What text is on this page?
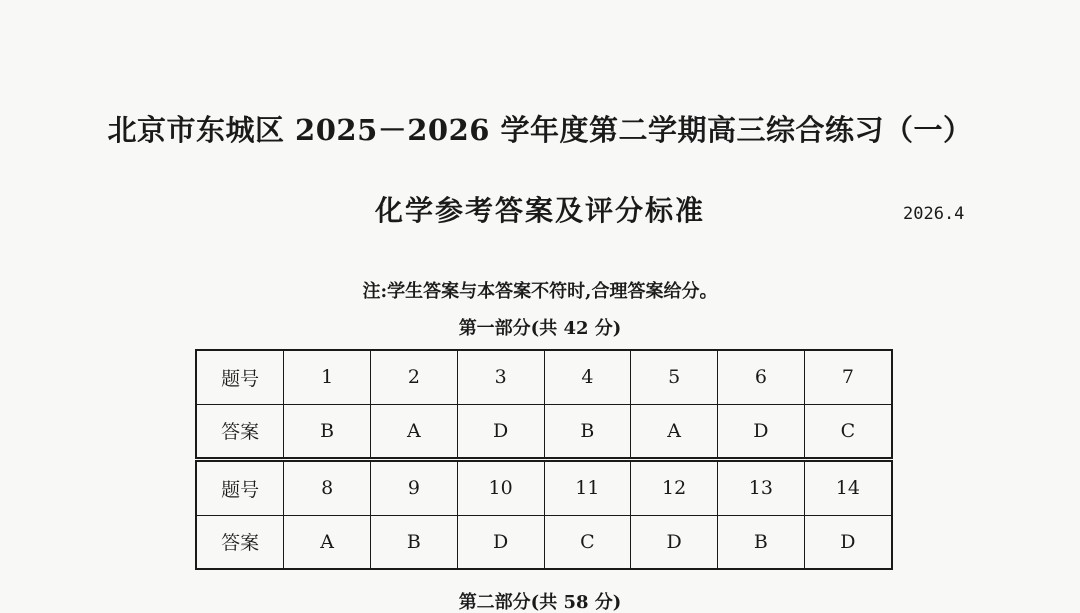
北京市东城区 2025－2026 学年度第二学期高三综合练习（一）
化学参考答案及评分标准	2026.4
注:学生答案与本答案不符时,合理答案给分。
第一部分(共 42 分)
题号	1	2	3	4	5	6	7
答案	B	A	D	B	A	D	C
题号	8	9	10	11	12	13	14
答案	A	B	D	C	D	B	D
第二部分(共 58 分)
